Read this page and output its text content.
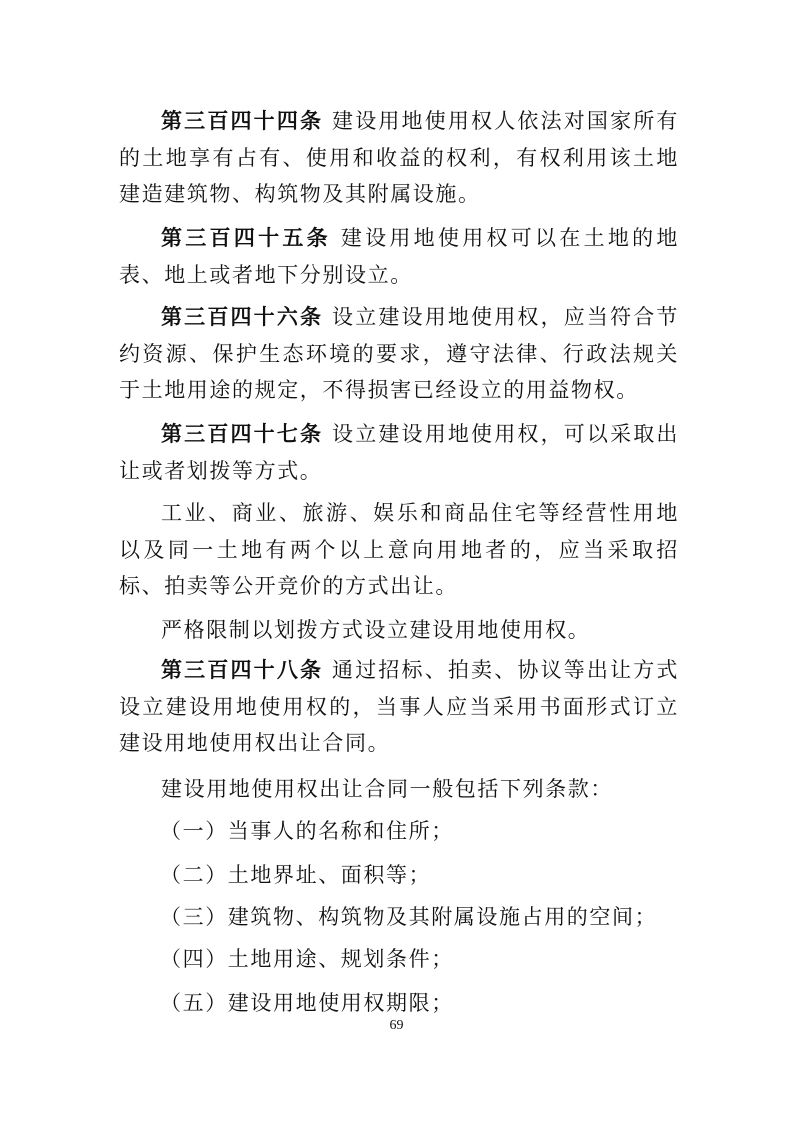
第三百四十四条 建设用地使用权人依法对国家所有的土地享有占有、使用和收益的权利，有权利用该土地建造建筑物、构筑物及其附属设施。

第三百四十五条 建设用地使用权可以在土地的地表、地上或者地下分别设立。

第三百四十六条 设立建设用地使用权，应当符合节约资源、保护生态环境的要求，遵守法律、行政法规关于土地用途的规定，不得损害已经设立的用益物权。

第三百四十七条 设立建设用地使用权，可以采取出让或者划拨等方式。

工业、商业、旅游、娱乐和商品住宅等经营性用地以及同一土地有两个以上意向用地者的，应当采取招标、拍卖等公开竞价的方式出让。

严格限制以划拨方式设立建设用地使用权。

第三百四十八条 通过招标、拍卖、协议等出让方式设立建设用地使用权的，当事人应当采用书面形式订立建设用地使用权出让合同。

建设用地使用权出让合同一般包括下列条款：

（一）当事人的名称和住所；

（二）土地界址、面积等；

（三）建筑物、构筑物及其附属设施占用的空间；

（四）土地用途、规划条件；

（五）建设用地使用权期限；

69
